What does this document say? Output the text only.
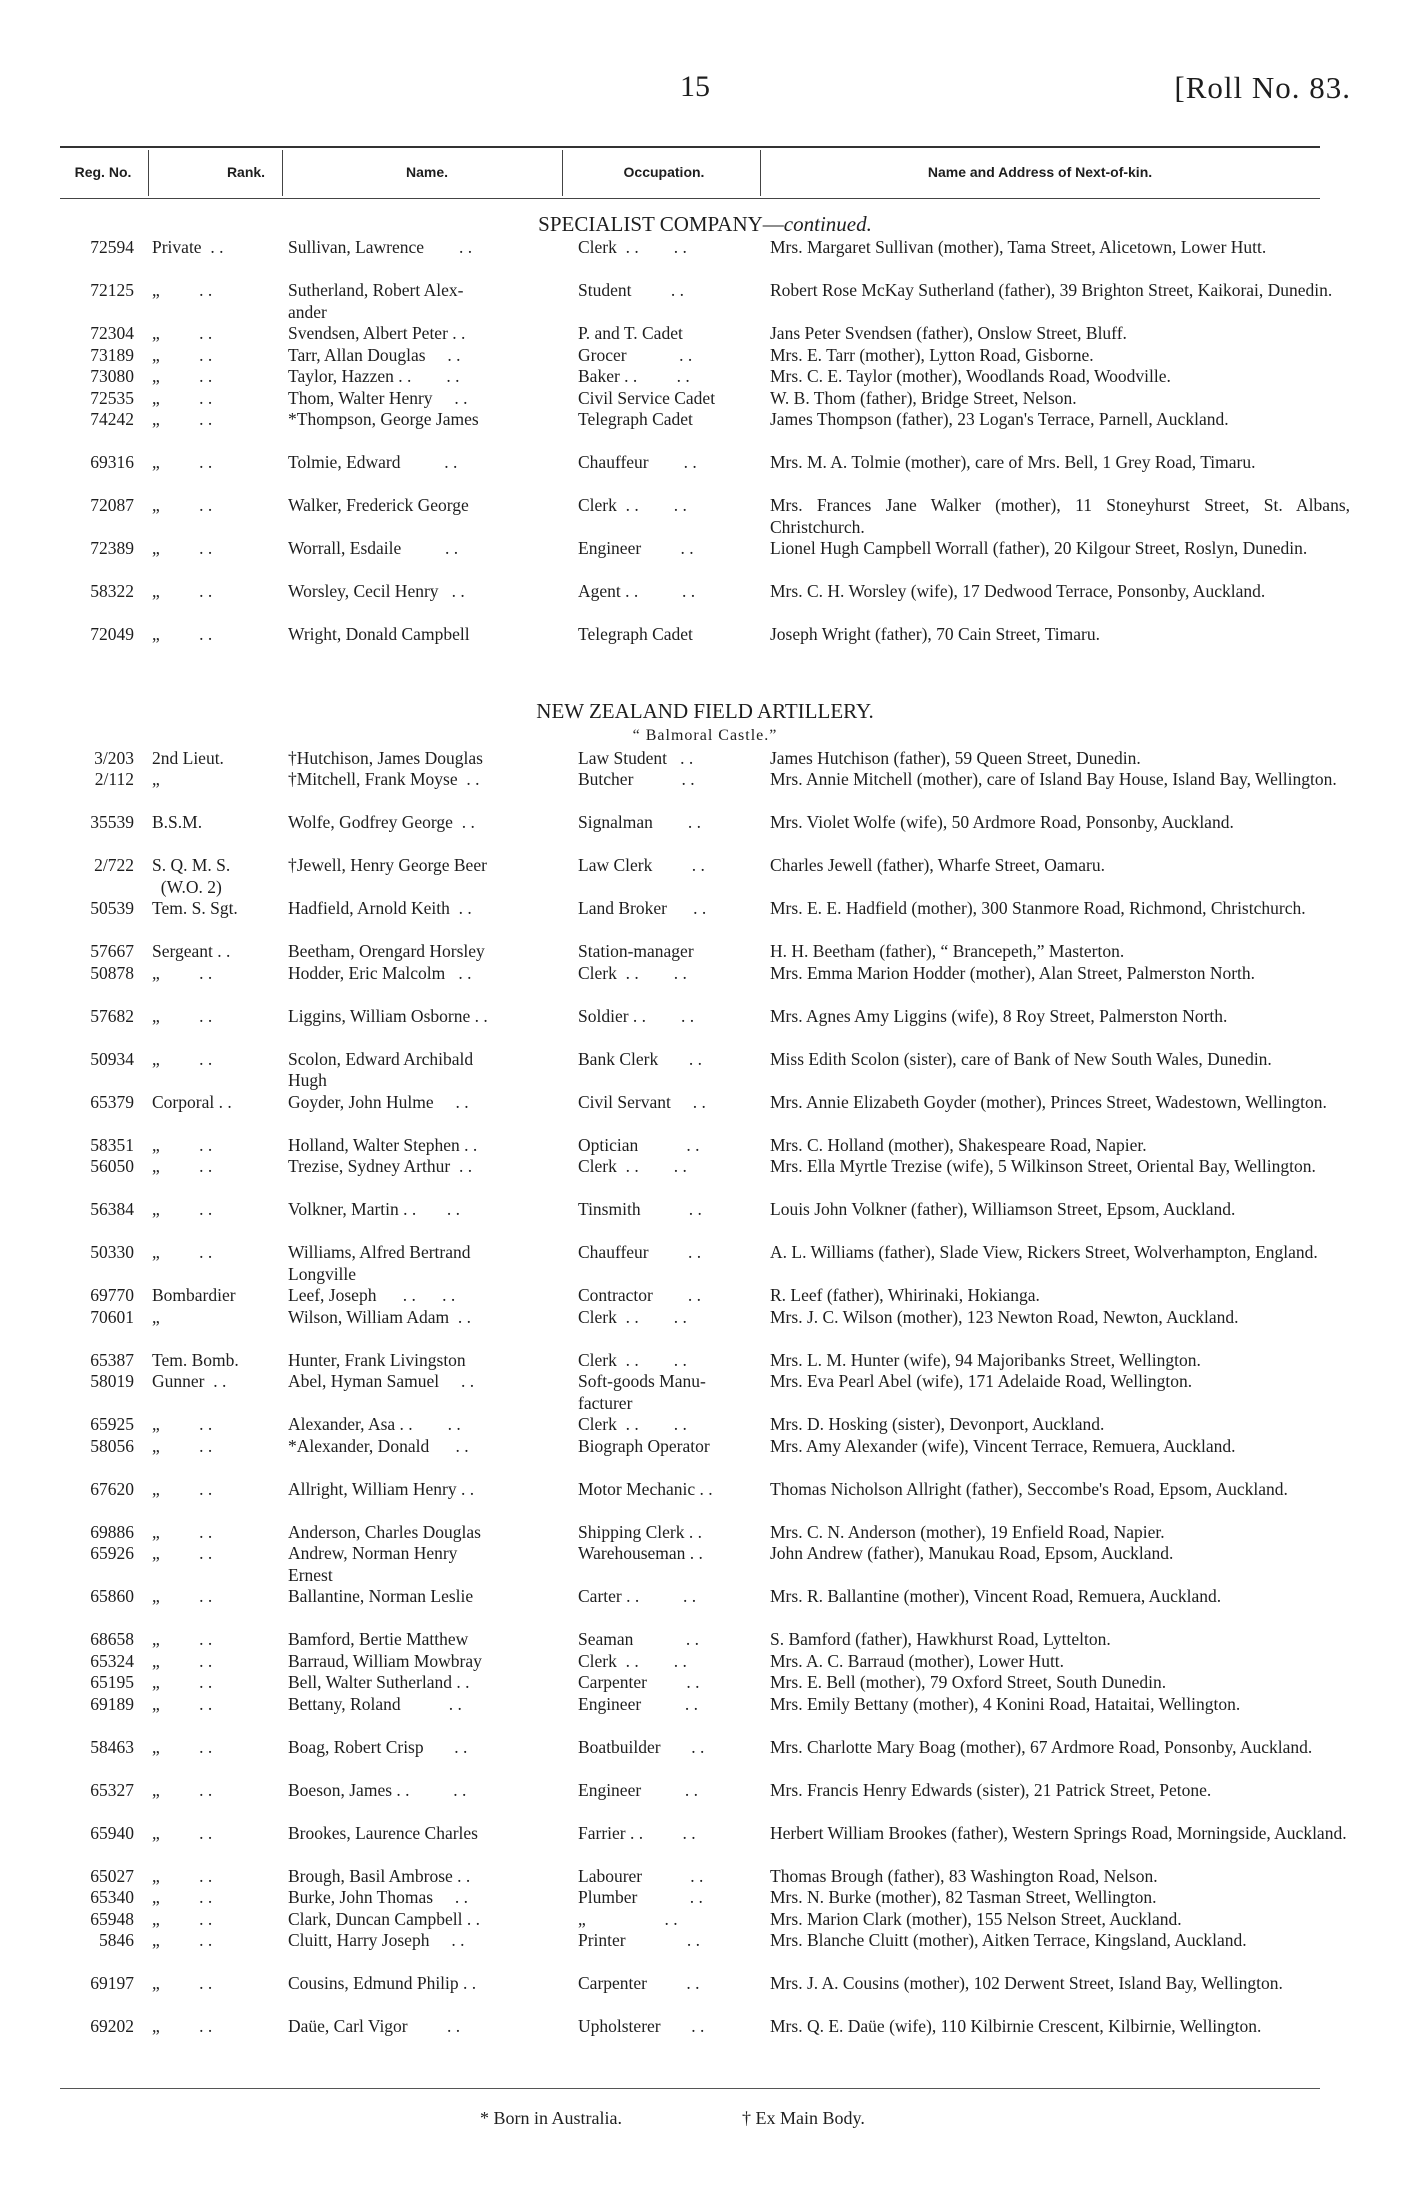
15	[Roll No. 83.
Reg. No.	Rank.	Name.	Occupation.	Name and Address of Next-of-kin.
SPECIALIST COMPANY—continued.
72594 Private  . .	Sullivan, Lawrence        . .	Clerk  . .        . .	Mrs. Margaret Sullivan (mother), Tama Street, Alicetown, Lower Hutt.
72125 „         . .	Sutherland, Robert Alex-
ander
Student         . .	Robert Rose McKay Sutherland (father), 39 Brighton Street, Kaikorai, Dunedin.
72304 „         . .	Svendsen, Albert Peter . .	P. and T. Cadet	Jans Peter Svendsen (father), Onslow Street, Bluff.
73189 „         . .	Tarr, Allan Douglas     . .	Grocer            . .	Mrs. E. Tarr (mother), Lytton Road, Gisborne.
73080 „         . .	Taylor, Hazzen . .        . .	Baker . .         . .	Mrs. C. E. Taylor (mother), Woodlands Road, Woodville.
72535 „         . .	Thom, Walter Henry     . .	Civil Service Cadet	W. B. Thom (father), Bridge Street, Nelson.
74242 „         . .	*Thompson, George James	Telegraph Cadet	James Thompson (father), 23 Logan's Terrace, Parnell, Auckland.
69316 „         . .	Tolmie, Edward          . .	Chauffeur        . .	Mrs. M. A. Tolmie (mother), care of Mrs. Bell, 1 Grey Road, Timaru.
72087 „         . .	Walker, Frederick George	Clerk  . .        . .	Mrs. Frances Jane Walker (mother), 11 Stoneyhurst Street, St. Albans, Christchurch.
72389 „         . .	Worrall, Esdaile          . .	Engineer         . .	Lionel Hugh Campbell Worrall (father), 20 Kilgour Street, Roslyn, Dunedin.
58322 „         . .	Worsley, Cecil Henry   . .	Agent . .          . .	Mrs. C. H. Worsley (wife), 17 Dedwood Terrace, Ponsonby, Auckland.
72049 „         . .	Wright, Donald Campbell	Telegraph Cadet	Joseph Wright (father), 70 Cain Street, Timaru.
NEW ZEALAND FIELD ARTILLERY.
“ Balmoral Castle.”
3/203 2nd Lieut.	†Hutchison, James Douglas	Law Student   . .	James Hutchison (father), 59 Queen Street, Dunedin.
2/112 „	†Mitchell, Frank Moyse  . .	Butcher           . .	Mrs. Annie Mitchell (mother), care of Island Bay House, Island Bay, Wellington.
35539 B.S.M.	Wolfe, Godfrey George  . .	Signalman        . .	Mrs. Violet Wolfe (wife), 50 Ardmore Road, Ponsonby, Auckland.
2/722 S. Q. M. S.
(W.O. 2)
†Jewell, Henry George Beer	Law Clerk         . .	Charles Jewell (father), Wharfe Street, Oamaru.
50539 Tem. S. Sgt.	Hadfield, Arnold Keith  . .	Land Broker      . .	Mrs. E. E. Hadfield (mother), 300 Stanmore Road, Richmond, Christchurch.
57667 Sergeant . .	Beetham, Orengard Horsley	Station-manager	H. H. Beetham (father), “ Brancepeth,” Masterton.
50878 „         . .	Hodder, Eric Malcolm   . .	Clerk  . .        . .	Mrs. Emma Marion Hodder (mother), Alan Street, Palmerston North.
57682 „         . .	Liggins, William Osborne . .	Soldier . .        . .	Mrs. Agnes Amy Liggins (wife), 8 Roy Street, Palmerston North.
50934 „         . .	Scolon, Edward Archibald
Hugh
Bank Clerk       . .	Miss Edith Scolon (sister), care of Bank of New South Wales, Dunedin.
65379 Corporal . .	Goyder, John Hulme     . .	Civil Servant     . .	Mrs. Annie Elizabeth Goyder (mother), Princes Street, Wadestown, Wellington.
58351 „         . .	Holland, Walter Stephen . .	Optician           . .	Mrs. C. Holland (mother), Shakespeare Road, Napier.
56050 „         . .	Trezise, Sydney Arthur  . .	Clerk  . .        . .	Mrs. Ella Myrtle Trezise (wife), 5 Wilkinson Street, Oriental Bay, Wellington.
56384 „         . .	Volkner, Martin . .       . .	Tinsmith           . .	Louis John Volkner (father), Williamson Street, Epsom, Auckland.
50330 „         . .	Williams, Alfred Bertrand
Longville
Chauffeur         . .	A. L. Williams (father), Slade View, Rickers Street, Wolverhampton, England.
69770 Bombardier	Leef, Joseph      . .      . .	Contractor        . .	R. Leef (father), Whirinaki, Hokianga.
70601 „	Wilson, William Adam  . .	Clerk  . .        . .	Mrs. J. C. Wilson (mother), 123 Newton Road, Newton, Auckland.
65387 Tem. Bomb.	Hunter, Frank Livingston	Clerk  . .        . .	Mrs. L. M. Hunter (wife), 94 Majoribanks Street, Wellington.
58019 Gunner  . .	Abel, Hyman Samuel     . .	Soft-goods Manu-
facturer
Mrs. Eva Pearl Abel (wife), 171 Adelaide Road, Wellington.
65925 „         . .	Alexander, Asa . .        . .	Clerk  . .        . .	Mrs. D. Hosking (sister), Devonport, Auckland.
58056 „         . .	*Alexander, Donald      . .	Biograph Operator	Mrs. Amy Alexander (wife), Vincent Terrace, Remuera, Auckland.
67620 „         . .	Allright, William Henry . .	Motor Mechanic . .	Thomas Nicholson Allright (father), Seccombe's Road, Epsom, Auckland.
69886 „         . .	Anderson, Charles Douglas	Shipping Clerk . .	Mrs. C. N. Anderson (mother), 19 Enfield Road, Napier.
65926 „         . .	Andrew, Norman Henry
Ernest
Warehouseman . .	John Andrew (father), Manukau Road, Epsom, Auckland.
65860 „         . .	Ballantine, Norman Leslie	Carter . .          . .	Mrs. R. Ballantine (mother), Vincent Road, Remuera, Auckland.
68658 „         . .	Bamford, Bertie Matthew	Seaman            . .	S. Bamford (father), Hawkhurst Road, Lyttelton.
65324 „         . .	Barraud, William Mowbray	Clerk  . .        . .	Mrs. A. C. Barraud (mother), Lower Hutt.
65195 „         . .	Bell, Walter Sutherland . .	Carpenter         . .	Mrs. E. Bell (mother), 79 Oxford Street, South Dunedin.
69189 „         . .	Bettany, Roland           . .	Engineer          . .	Mrs. Emily Bettany (mother), 4 Konini Road, Hataitai, Wellington.
58463 „         . .	Boag, Robert Crisp       . .	Boatbuilder       . .	Mrs. Charlotte Mary Boag (mother), 67 Ardmore Road, Ponsonby, Auckland.
65327 „         . .	Boeson, James . .          . .	Engineer          . .	Mrs. Francis Henry Edwards (sister), 21 Patrick Street, Petone.
65940 „         . .	Brookes, Laurence Charles	Farrier . .         . .	Herbert William Brookes (father), Western Springs Road, Morningside, Auckland.
65027 „         . .	Brough, Basil Ambrose . .	Labourer           . .	Thomas Brough (father), 83 Washington Road, Nelson.
65340 „         . .	Burke, John Thomas     . .	Plumber            . .	Mrs. N. Burke (mother), 82 Tasman Street, Wellington.
65948 „         . .	Clark, Duncan Campbell . .	„                  . .	Mrs. Marion Clark (mother), 155 Nelson Street, Auckland.
5846 „         . .	Cluitt, Harry Joseph     . .	Printer              . .	Mrs. Blanche Cluitt (mother), Aitken Terrace, Kingsland, Auckland.
69197 „         . .	Cousins, Edmund Philip . .	Carpenter         . .	Mrs. J. A. Cousins (mother), 102 Derwent Street, Island Bay, Wellington.
69202 „         . .	Daüe, Carl Vigor         . .	Upholsterer       . .	Mrs. Q. E. Daüe (wife), 110 Kilbirnie Crescent, Kilbirnie, Wellington.
* Born in Australia.	† Ex Main Body.
